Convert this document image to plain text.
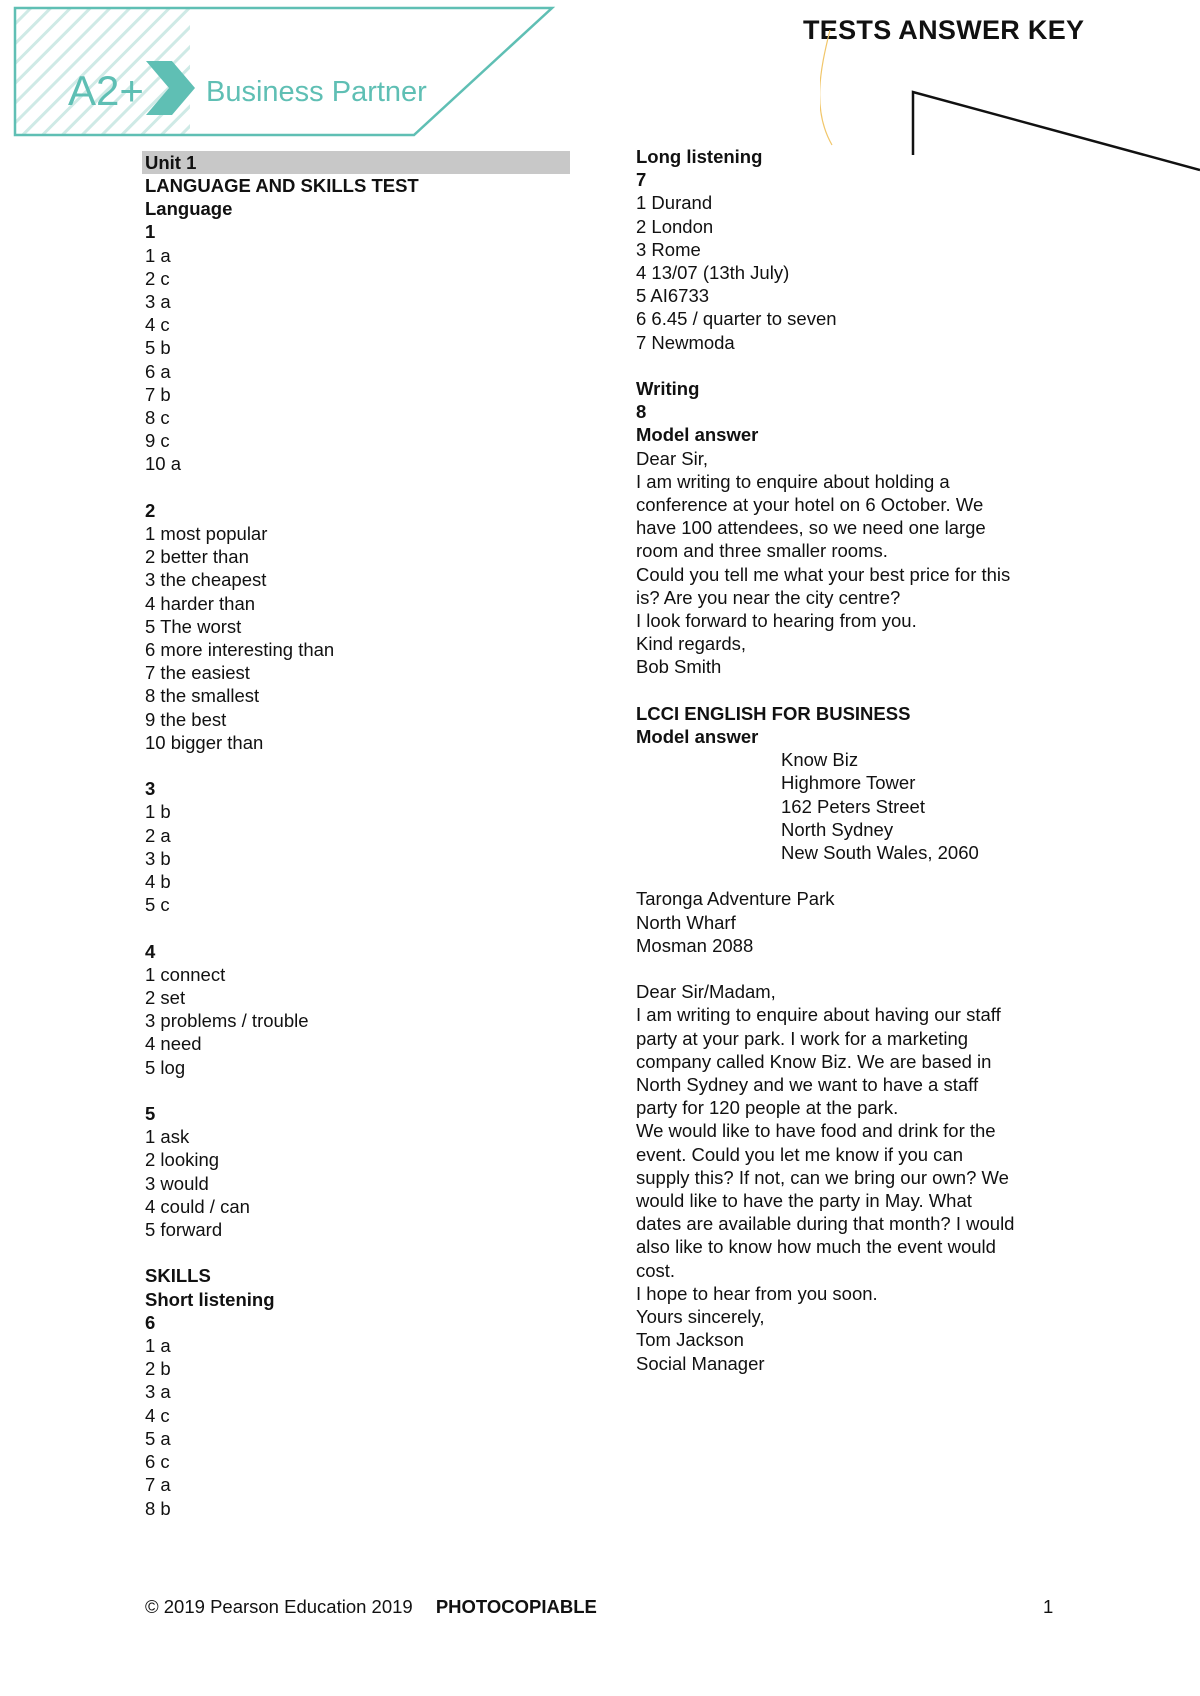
A2+ Business Partner
TESTS ANSWER KEY
Unit 1
LANGUAGE AND SKILLS TEST
Language
1
1 a
2 c
3 a
4 c
5 b
6 a
7 b
8 c
9 c
10 a
2
1 most popular
2 better than
3 the cheapest
4 harder than
5 The worst
6 more interesting than
7 the easiest
8 the smallest
9 the best
10 bigger than
3
1 b
2 a
3 b
4 b
5 c
4
1 connect
2 set
3 problems / trouble
4 need
5 log
5
1 ask
2 looking
3 would
4 could / can
5 forward
SKILLS
Short listening
6
1 a
2 b
3 a
4 c
5 a
6 c
7 a
8 b
Long listening
7
1 Durand
2 London
3 Rome
4 13/07 (13th July)
5 AI6733
6 6.45 / quarter to seven
7 Newmoda
Writing
8
Model answer
Dear Sir,
I am writing to enquire about holding a
conference at your hotel on 6 October. We
have 100 attendees, so we need one large
room and three smaller rooms.
Could you tell me what your best price for this
is? Are you near the city centre?
I look forward to hearing from you.
Kind regards,
Bob Smith
LCCI ENGLISH FOR BUSINESS
Model answer
Know Biz
Highmore Tower
162 Peters Street
North Sydney
New South Wales, 2060
Taronga Adventure Park
North Wharf
Mosman 2088
Dear Sir/Madam,
I am writing to enquire about having our staff
party at your park. I work for a marketing
company called Know Biz. We are based in
North Sydney and we want to have a staff
party for 120 people at the park.
We would like to have food and drink for the
event. Could you let me know if you can
supply this? If not, can we bring our own? We
would like to have the party in May. What
dates are available during that month? I would
also like to know how much the event would
cost.
I hope to hear from you soon.
Yours sincerely,
Tom Jackson
Social Manager
© 2019 Pearson Education 2019 PHOTOCOPIABLE	1
